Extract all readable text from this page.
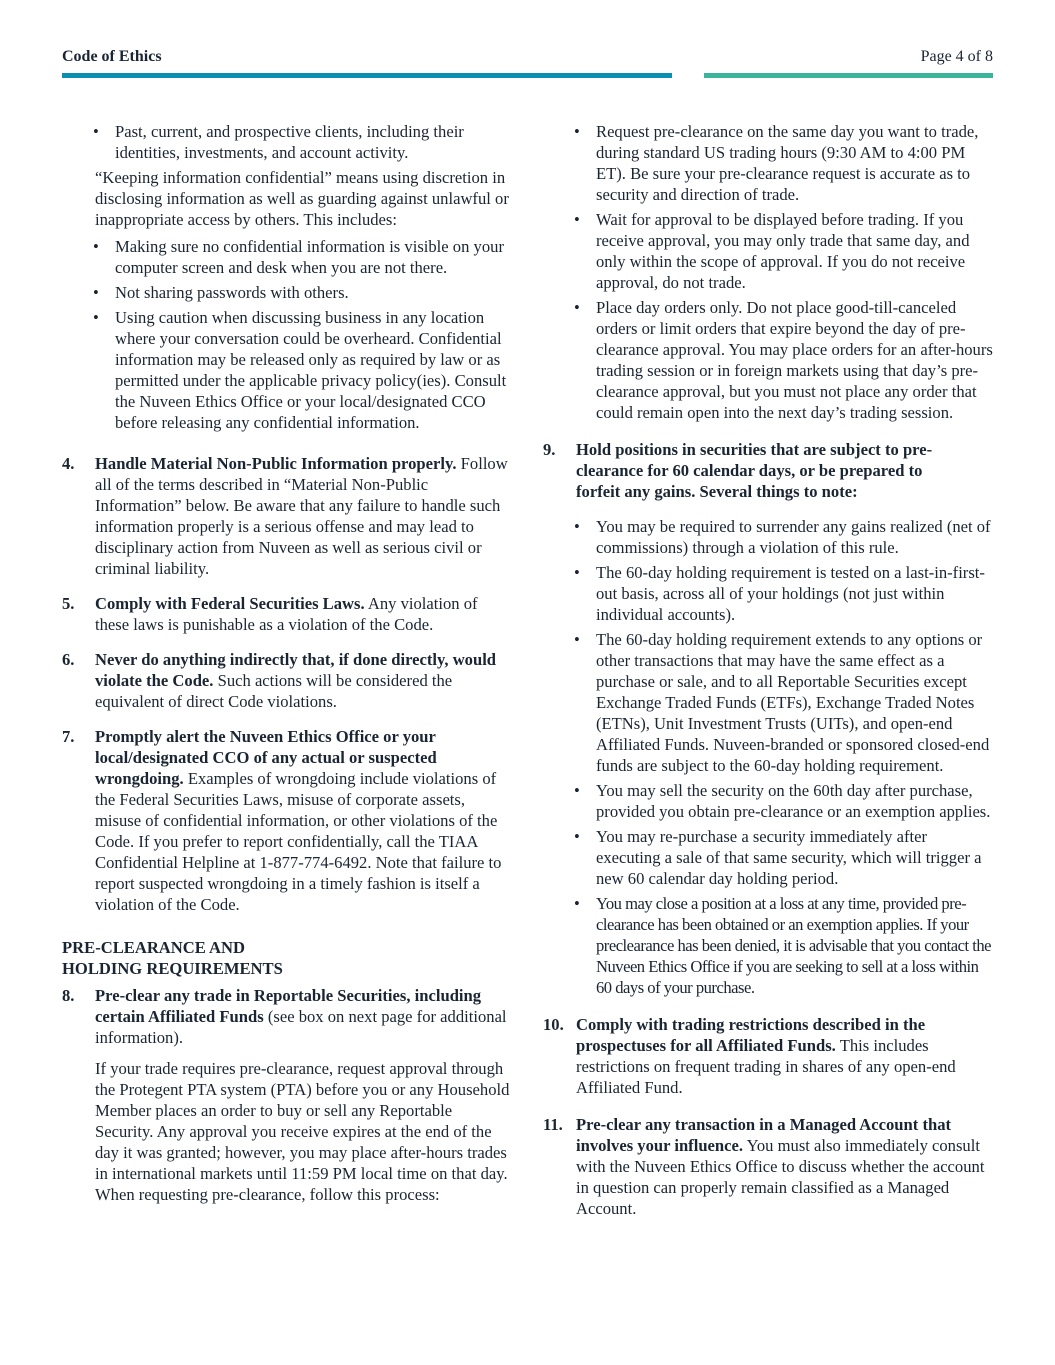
Code of Ethics	Page 4 of 8
• Past, current, and prospective clients, including their identities, investments, and account activity.
“Keeping information confidential” means using discretion in disclosing information as well as guarding against unlawful or inappropriate access by others. This includes:
• Making sure no confidential information is visible on your computer screen and desk when you are not there.
• Not sharing passwords with others.
• Using caution when discussing business in any location where your conversation could be overheard. Confidential information may be released only as required by law or as permitted under the applicable privacy policy(ies). Consult the Nuveen Ethics Office or your local/designated CCO before releasing any confidential information.
4. Handle Material Non-Public Information properly. Follow all of the terms described in “Material Non-Public Information” below. Be aware that any failure to handle such information properly is a serious offense and may lead to disciplinary action from Nuveen as well as serious civil or criminal liability.
5. Comply with Federal Securities Laws. Any violation of these laws is punishable as a violation of the Code.
6. Never do anything indirectly that, if done directly, would violate the Code. Such actions will be considered the equivalent of direct Code violations.
7. Promptly alert the Nuveen Ethics Office or your local/designated CCO of any actual or suspected wrongdoing. Examples of wrongdoing include violations of the Federal Securities Laws, misuse of corporate assets, misuse of confidential information, or other violations of the Code. If you prefer to report confidentially, call the TIAA Confidential Helpline at 1-877-774-6492. Note that failure to report suspected wrongdoing in a timely fashion is itself a violation of the Code.
PRE-CLEARANCE AND
HOLDING REQUIREMENTS
8. Pre-clear any trade in Reportable Securities, including certain Affiliated Funds (see box on next page for additional information).
If your trade requires pre-clearance, request approval through the Protegent PTA system (PTA) before you or any Household Member places an order to buy or sell any Reportable Security. Any approval you receive expires at the end of the day it was granted; however, you may place after-hours trades in international markets until 11:59 PM local time on that day. When requesting pre-clearance, follow this process:
• Request pre-clearance on the same day you want to trade, during standard US trading hours (9:30 AM to 4:00 PM ET). Be sure your pre-clearance request is accurate as to security and direction of trade.
• Wait for approval to be displayed before trading. If you receive approval, you may only trade that same day, and only within the scope of approval. If you do not receive approval, do not trade.
• Place day orders only. Do not place good-till-canceled orders or limit orders that expire beyond the day of pre-clearance approval. You may place orders for an after-hours trading session or in foreign markets using that day’s pre-clearance approval, but you must not place any order that could remain open into the next day’s trading session.
9. Hold positions in securities that are subject to pre-clearance for 60 calendar days, or be prepared to forfeit any gains. Several things to note:
• You may be required to surrender any gains realized (net of commissions) through a violation of this rule.
• The 60-day holding requirement is tested on a last-in-first-out basis, across all of your holdings (not just within individual accounts).
• The 60-day holding requirement extends to any options or other transactions that may have the same effect as a purchase or sale, and to all Reportable Securities except Exchange Traded Funds (ETFs), Exchange Traded Notes (ETNs), Unit Investment Trusts (UITs), and open-end Affiliated Funds. Nuveen-branded or sponsored closed-end funds are subject to the 60-day holding requirement.
• You may sell the security on the 60th day after purchase, provided you obtain pre-clearance or an exemption applies.
• You may re-purchase a security immediately after executing a sale of that same security, which will trigger a new 60 calendar day holding period.
• You may close a position at a loss at any time, provided pre-clearance has been obtained or an exemption applies. If your preclearance has been denied, it is advisable that you contact the Nuveen Ethics Office if you are seeking to sell at a loss within 60 days of your purchase.
10. Comply with trading restrictions described in the prospectuses for all Affiliated Funds. This includes restrictions on frequent trading in shares of any open-end Affiliated Fund.
11. Pre-clear any transaction in a Managed Account that involves your influence. You must also immediately consult with the Nuveen Ethics Office to discuss whether the account in question can properly remain classified as a Managed Account.
